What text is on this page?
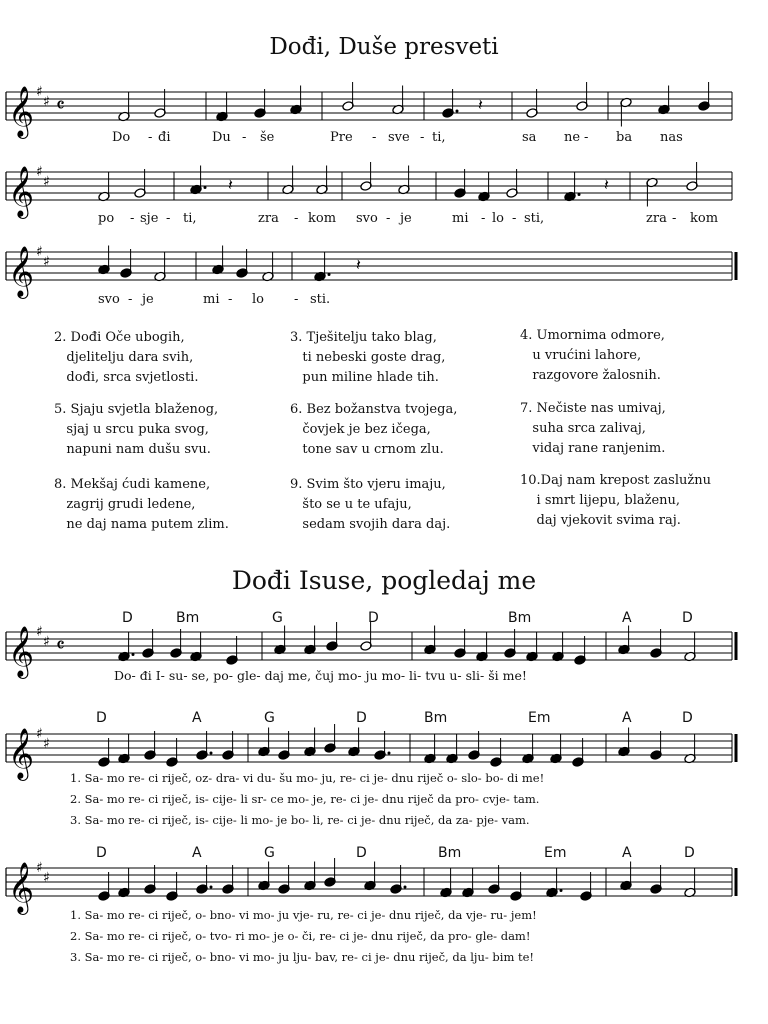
Dođi, Duše presveti
𝄞 ♯
♯ 𝄴	𝄽
Do - đi	Du - še	Pre - sve - ti,	sa ne - ba nas
𝄞 ♯
♯	𝄽	𝄽
po - sje - ti,	zra - kom svo - je	mi - lo - sti,	zra - kom
𝄞 ♯
♯	𝄽
svo - je	mi - lo - sti.
2. Dođi Oče ubogih,
djelitelju dara svih,
dođi, srca svjetlosti.
3. Tješitelju tako blag,
ti nebeski goste drag,
pun miline hlade tih.
4. Umornima odmore,
u vrućini lahore,
razgovore žalosnih.
5. Sjaju svjetla blaženog,
sjaj u srcu puka svog,
napuni nam dušu svu.
6. Bez božanstva tvojega,
čovjek je bez ičega,
tone sav u crnom zlu.
7. Nečiste nas umivaj,
suha srca zalivaj,
vidaj rane ranjenim.
8. Mekšaj ćudi kamene,
zagrij grudi ledene,
ne daj nama putem zlim.
9. Svim što vjeru imaju,
što se u te ufaju,
sedam svojih dara daj.
10.Daj nam krepost zaslužnu
i smrt lijepu, blaženu,
daj vjekovit svima raj.
Dođi Isuse, pogledaj me
D	Bm	G	D	Bm	A	D
𝄞 ♯
♯ 𝄴
Do- đi I- su- se, po- gle- daj me, čuj mo- ju mo- li- tvu u- sli- ši me!
D	A	G	D	Bm	Em	A	D
𝄞 ♯
♯
1. Sa- mo re- ci riječ, oz- dra- vi du- šu mo- ju, re- ci je- dnu riječ o- slo- bo- di me!
2. Sa- mo re- ci riječ, is- cije- li sr- ce mo- je, re- ci je- dnu riječ da pro- cvje- tam.
3. Sa- mo re- ci riječ, is- cije- li mo- je bo- li, re- ci je- dnu riječ, da za- pje- vam.
D	A	G	D	Bm	Em	A	D
𝄞 ♯
♯
1. Sa- mo re- ci riječ, o- bno- vi mo- ju vje- ru, re- ci je- dnu riječ, da vje- ru- jem!
2. Sa- mo re- ci riječ, o- tvo- ri mo- je o- či, re- ci je- dnu riječ, da pro- gle- dam!
3. Sa- mo re- ci riječ, o- bno- vi mo- ju lju- bav, re- ci je- dnu riječ, da lju- bim te!
